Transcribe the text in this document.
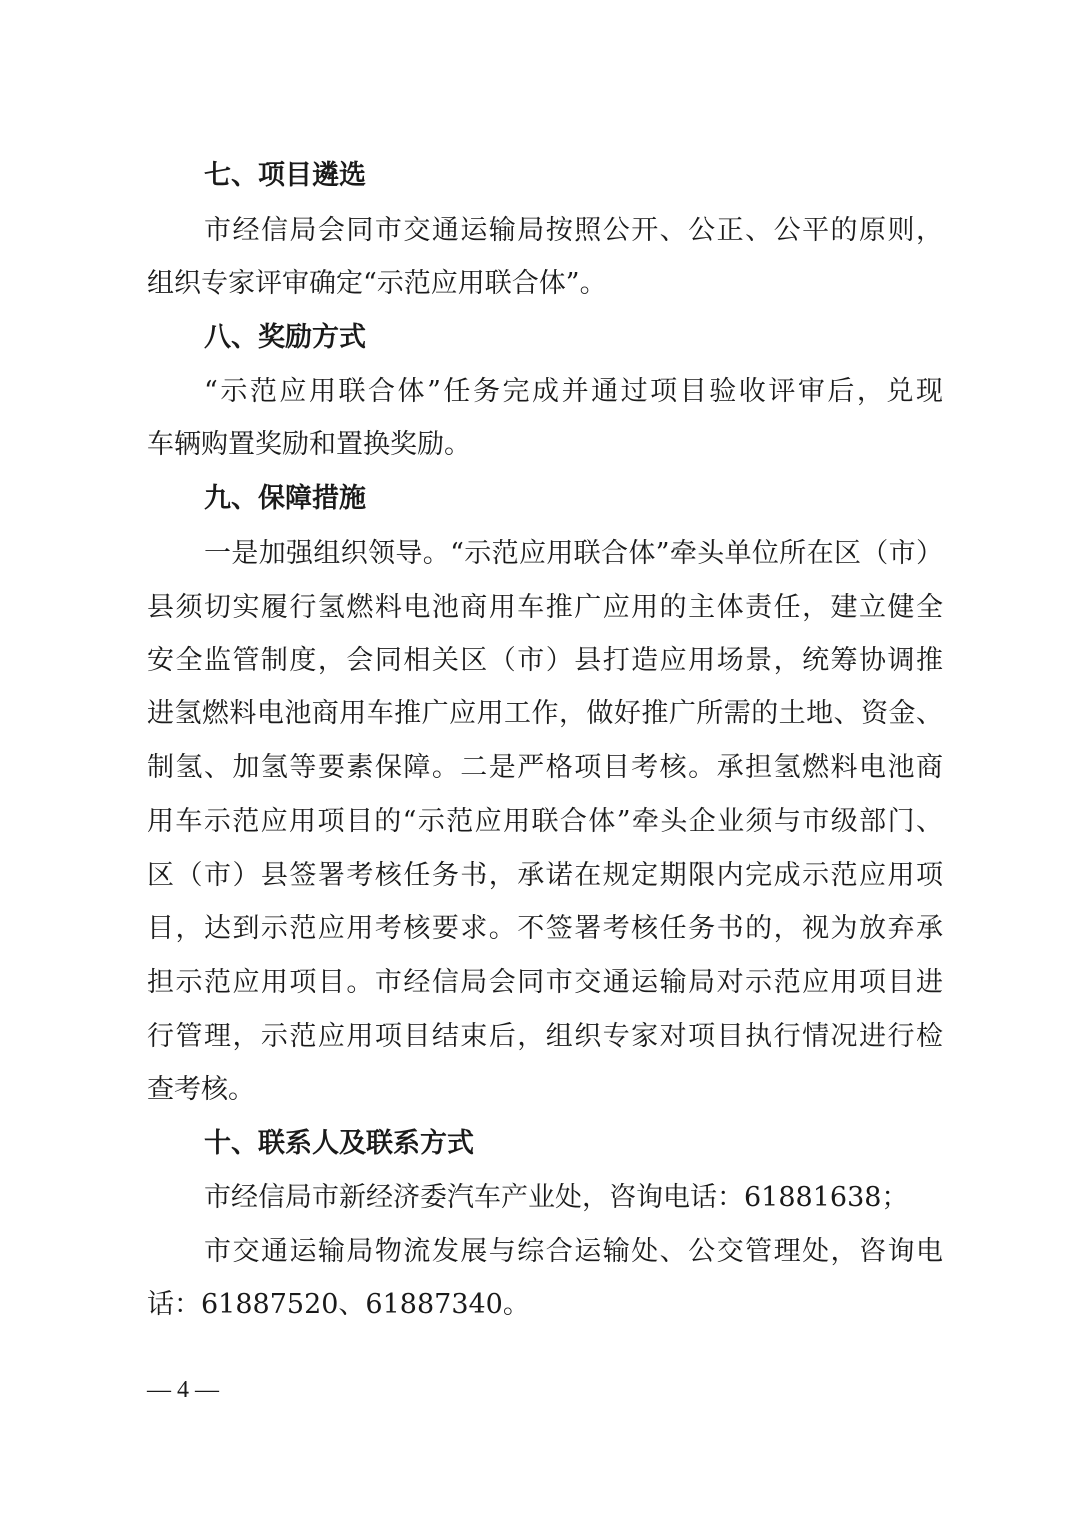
七、项目遴选
市经信局会同市交通运输局按照公开、公正、公平的原则，
组织专家评审确定“示范应用联合体”。
八、奖励方式
“示范应用联合体”任务完成并通过项目验收评审后，兑现
车辆购置奖励和置换奖励。
九、保障措施
一是加强组织领导。“示范应用联合体”牵头单位所在区（市）
县须切实履行氢燃料电池商用车推广应用的主体责任，建立健全
安全监管制度，会同相关区（市）县打造应用场景，统筹协调推
进氢燃料电池商用车推广应用工作，做好推广所需的土地、资金、
制氢、加氢等要素保障。二是严格项目考核。承担氢燃料电池商
用车示范应用项目的“示范应用联合体”牵头企业须与市级部门、
区（市）县签署考核任务书，承诺在规定期限内完成示范应用项
目，达到示范应用考核要求。不签署考核任务书的，视为放弃承
担示范应用项目。市经信局会同市交通运输局对示范应用项目进
行管理，示范应用项目结束后，组织专家对项目执行情况进行检
查考核。
十、联系人及联系方式
市经信局市新经济委汽车产业处，咨询电话：61881638；
市交通运输局物流发展与综合运输处、公交管理处，咨询电
话：61887520、61887340。
— 4 —
